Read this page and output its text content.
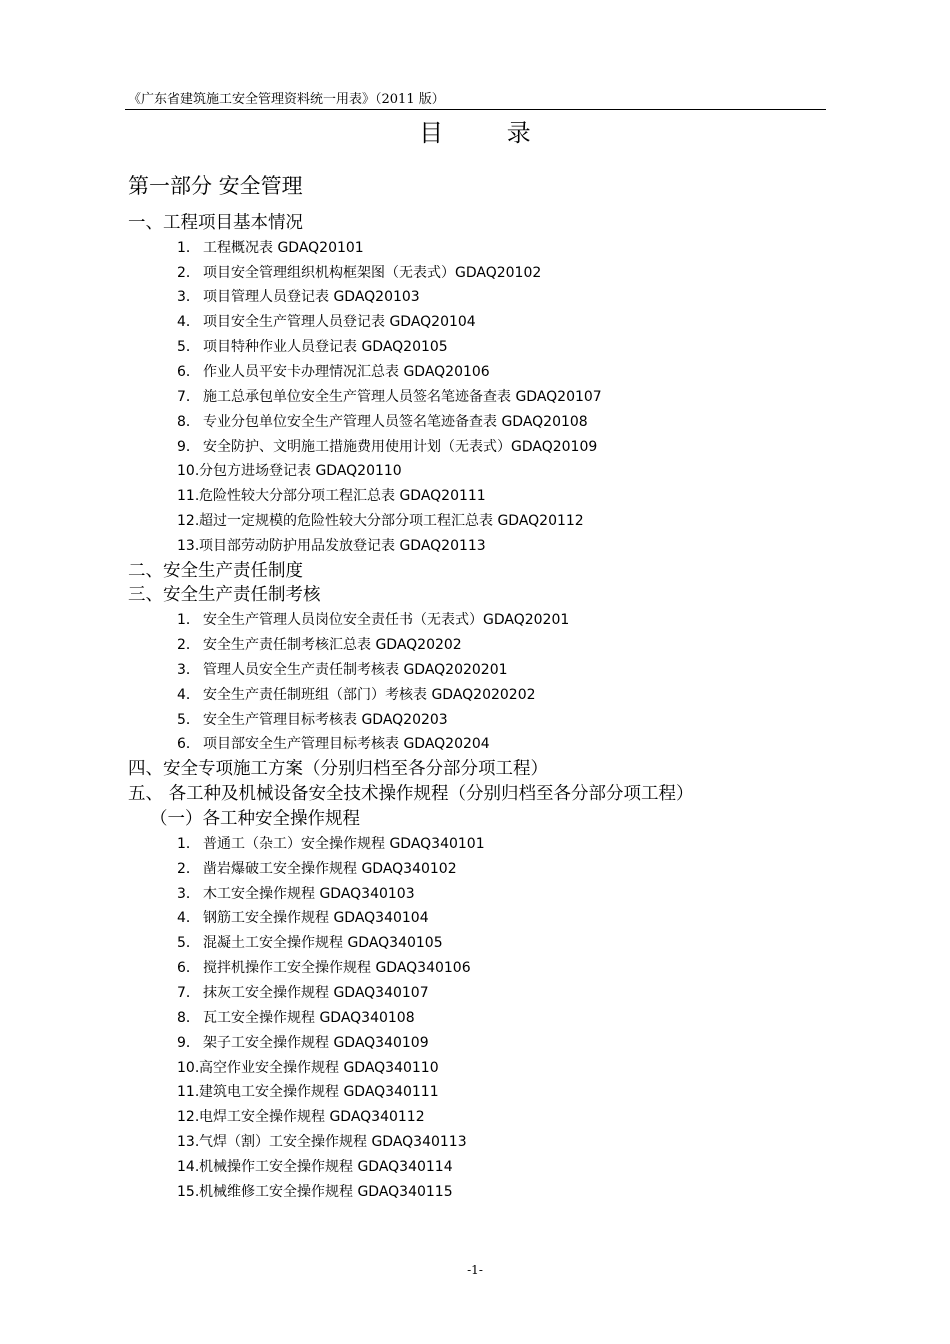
《广东省建筑施工安全管理资料统一用表》（2011 版）
目 录
第一部分 安全管理
一、工程项目基本情况
1． 工程概况表 GDAQ20101
2． 项目安全管理组织机构框架图（无表式）GDAQ20102
3． 项目管理人员登记表 GDAQ20103
4． 项目安全生产管理人员登记表 GDAQ20104
5． 项目特种作业人员登记表 GDAQ20105
6． 作业人员平安卡办理情况汇总表 GDAQ20106
7． 施工总承包单位安全生产管理人员签名笔迹备查表 GDAQ20107
8． 专业分包单位安全生产管理人员签名笔迹备查表 GDAQ20108
9． 安全防护、文明施工措施费用使用计划（无表式）GDAQ20109
10.分包方进场登记表 GDAQ20110
11.危险性较大分部分项工程汇总表 GDAQ20111
12.超过一定规模的危险性较大分部分项工程汇总表 GDAQ20112
13.项目部劳动防护用品发放登记表 GDAQ20113
二、安全生产责任制度
三、安全生产责任制考核
1． 安全生产管理人员岗位安全责任书（无表式）GDAQ20201
2． 安全生产责任制考核汇总表 GDAQ20202
3． 管理人员安全生产责任制考核表 GDAQ2020201
4． 安全生产责任制班组（部门）考核表 GDAQ2020202
5． 安全生产管理目标考核表 GDAQ20203
6． 项目部安全生产管理目标考核表 GDAQ20204
四、安全专项施工方案（分别归档至各分部分项工程）
五、 各工种及机械设备安全技术操作规程（分别归档至各分部分项工程）
（一）各工种安全操作规程
1． 普通工（杂工）安全操作规程 GDAQ340101
2． 凿岩爆破工安全操作规程 GDAQ340102
3． 木工安全操作规程 GDAQ340103
4． 钢筋工安全操作规程 GDAQ340104
5． 混凝土工安全操作规程 GDAQ340105
6． 搅拌机操作工安全操作规程 GDAQ340106
7． 抹灰工安全操作规程 GDAQ340107
8． 瓦工安全操作规程 GDAQ340108
9． 架子工安全操作规程 GDAQ340109
10.高空作业安全操作规程 GDAQ340110
11.建筑电工安全操作规程 GDAQ340111
12.电焊工安全操作规程 GDAQ340112
13.气焊（割）工安全操作规程 GDAQ340113
14.机械操作工安全操作规程 GDAQ340114
15.机械维修工安全操作规程 GDAQ340115
-1-
